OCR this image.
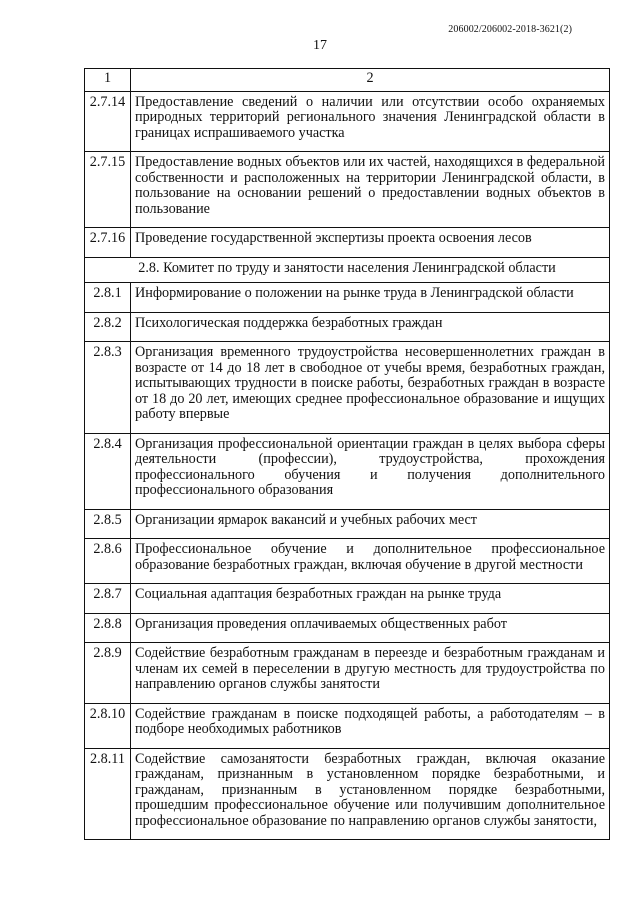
206002/206002-2018-3621(2)
17
1	2
2.7.14	Предоставление сведений о наличии или отсутствии особо охраняемых природных территорий регионального значения Ленинградской области в границах испрашиваемого участка
2.7.15	Предоставление водных объектов или их частей, находящихся в федеральной собственности и расположенных на территории Ленинградской области, в пользование на основании решений о предоставлении водных объектов в пользование
2.7.16	Проведение государственной экспертизы проекта освоения лесов
2.8. Комитет по труду и занятости населения Ленинградской области	
2.8.1	Информирование о положении на рынке труда в Ленинградской области
2.8.2	Психологическая поддержка безработных граждан
2.8.3	Организация временного трудоустройства несовершеннолетних граждан в возрасте от 14 до 18 лет в свободное от учебы время, безработных граждан, испытывающих трудности в поиске работы, безработных граждан в возрасте от 18 до 20 лет, имеющих среднее профессиональное образование и ищущих работу впервые
2.8.4	Организация профессиональной ориентации граждан в целях выбора сферы деятельности (профессии), трудоустройства, прохождения профессионального обучения и получения дополнительного профессионального образования
2.8.5	Организации ярмарок вакансий и учебных рабочих мест
2.8.6	Профессиональное обучение и дополнительное профессиональное образование безработных граждан, включая обучение в другой местности
2.8.7	Социальная адаптация безработных граждан на рынке труда
2.8.8	Организация проведения оплачиваемых общественных работ
2.8.9	Содействие безработным гражданам в переезде и безработным гражданам и членам их семей в переселении в другую местность для трудоустройства по направлению органов службы занятости
2.8.10	Содействие гражданам в поиске подходящей работы, а работодателям – в подборе необходимых работников
2.8.11	Содействие самозанятости безработных граждан, включая оказание гражданам, признанным в установленном порядке безработными, и гражданам, признанным в установленном порядке безработными, прошедшим профессиональное обучение или получившим дополнительное профессиональное образование по направлению органов службы занятости,
